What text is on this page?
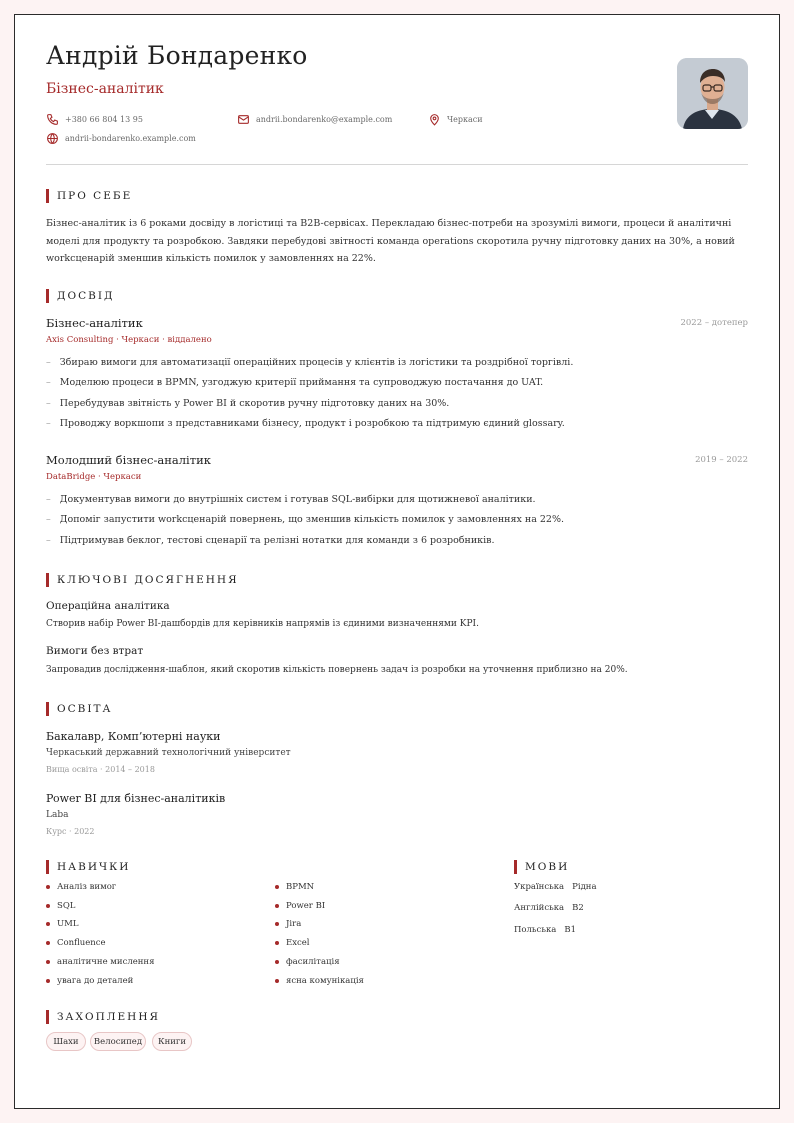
Андрій Бондаренко
Бізнес-аналітик
+380 66 804 13 95	andrii.bondarenko@example.com	Черкаси
andrii-bondarenko.example.com
ПРО СЕБЕ

Бізнес-аналітик із 6 роками досвіду в логістиці та B2B-сервісах. Перекладаю бізнес-потреби на зрозумілі вимоги, процеси й аналітичні моделі для продукту та розробкою. Завдяки перебудові звітності команда operations скоротила ручну підготовку даних на 30%, а новий workсценарій зменшив кількість помилок у замовленнях на 22%.

ДОСВІД
Бізнес-аналітик	2022 – дотепер
Axis Consulting · Черкаси · віддалено
– Збираю вимоги для автоматизації операційних процесів у клієнтів із логістики та роздрібної торгівлі.
– Моделюю процеси в BPMN, узгоджую критерії приймання та супроводжую постачання до UAT.
– Перебудував звітність у Power BI й скоротив ручну підготовку даних на 30%.
– Проводжу воркшопи з представниками бізнесу, продукт і розробкою та підтримую єдиний glossary.
Молодший бізнес-аналітик	2019 – 2022
DataBridge · Черкаси
– Документував вимоги до внутрішніх систем і готував SQL-вибірки для щотижневої аналітики.
– Допоміг запустити workсценарій повернень, що зменшив кількість помилок у замовленнях на 22%.
– Підтримував беклог, тестові сценарії та релізні нотатки для команди з 6 розробників.
КЛЮЧОВІ ДОСЯГНЕННЯ
Операційна аналітика
Створив набір Power BI-дашбордів для керівників напрямів із єдиними визначеннями KPI.
Вимоги без втрат
Запровадив дослідження-шаблон, який скоротив кількість повернень задач із розробки на уточнення приблизно на 20%.
ОСВІТА
Бакалавр, Комп’ютерні науки
Черкаський державний технологічний університет
Вища освіта · 2014 – 2018
Power BI для бізнес-аналітиків
Laba
Курс · 2022
НАВИЧКИ
Аналіз вимог
SQL
UML
Confluence
аналітичне мислення
увага до деталей
BPMN
Power BI
Jira
Excel
фасилітація
ясна комунікація
МОВИ
Українська Рідна
Англійська B2
Польська B1
ЗАХОПЛЕННЯ
Шахи	Велосипед	Книги
